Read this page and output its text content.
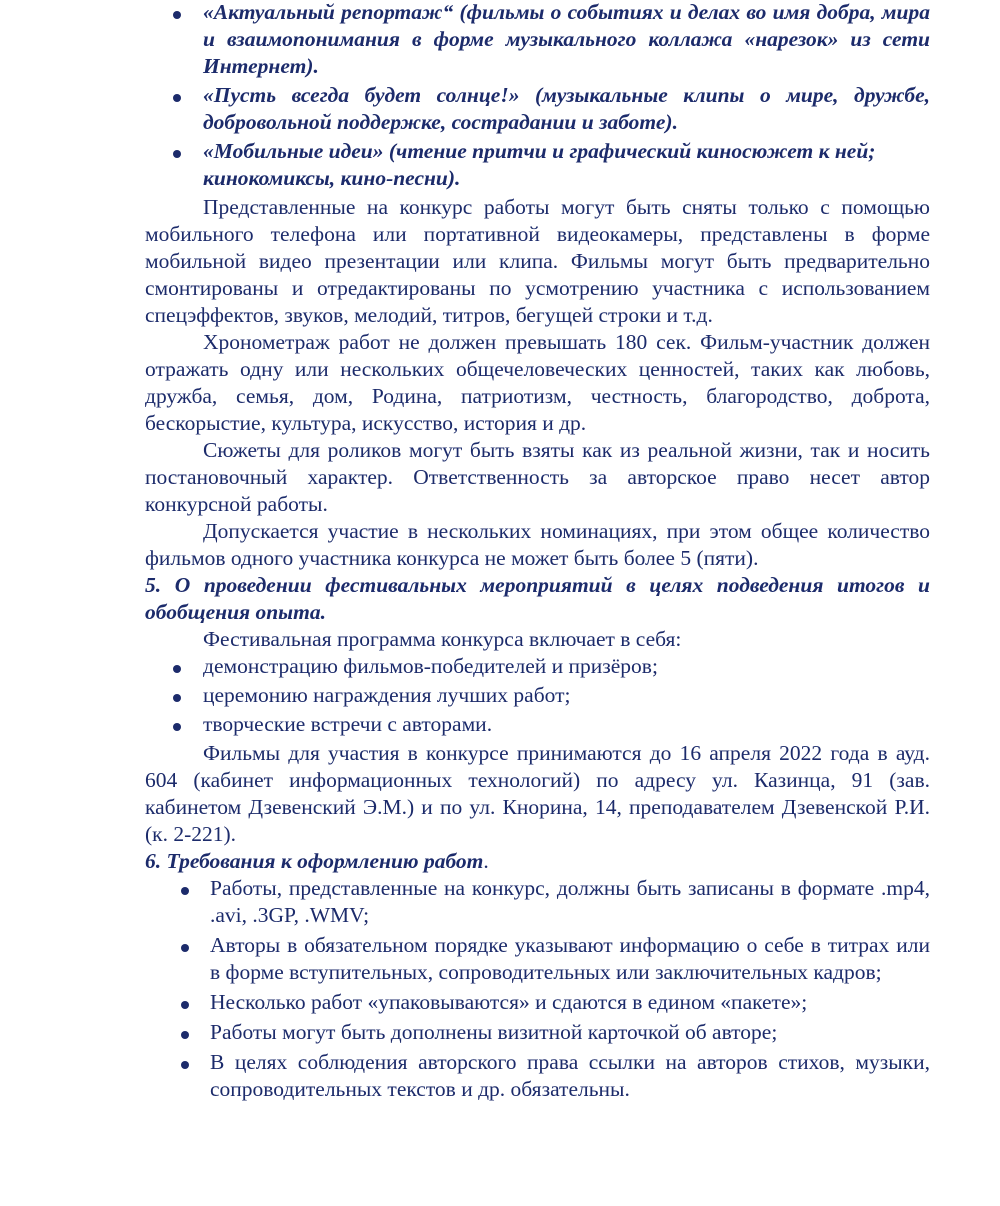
«Актуальный репортаж“ (фильмы о событиях и делах во имя добра, мира и взаимопонимания в форме музыкального коллажа «нарезок» из сети Интернет).
«Пусть всегда будет солнце!» (музыкальные клипы о мире, дружбе, добровольной поддержке, сострадании и заботе).
«Мобильные идеи» (чтение притчи и графический киносюжет к ней; кинокомиксы, кино-песни).

Представленные на конкурс работы могут быть сняты только с помощью мобильного телефона или портативной видеокамеры, представлены в форме мобильной видео презентации или клипа. Фильмы могут быть предварительно смонтированы и отредактированы по усмотрению участника с использованием спецэффектов, звуков, мелодий, титров, бегущей строки и т.д.

Хронометраж работ не должен превышать 180 сек. Фильм-участник должен отражать одну или нескольких общечеловеческих ценностей, таких как любовь, дружба, семья, дом, Родина, патриотизм, честность, благородство, доброта, бескорыстие, культура, искусство, история и др.

Сюжеты для роликов могут быть взяты как из реальной жизни, так и носить постановочный характер. Ответственность за авторское право несет автор конкурсной работы.

Допускается участие в нескольких номинациях, при этом общее количество фильмов одного участника конкурса не может быть более 5 (пяти).

5. О проведении фестивальных мероприятий в целях подведения итогов и обобщения опыта.

Фестивальная программа конкурса включает в себя:

демонстрацию фильмов-победителей и призёров;
церемонию награждения лучших работ;
творческие встречи с авторами.

Фильмы для участия в конкурсе принимаются до 16 апреля 2022 года в ауд. 604 (кабинет информационных технологий) по адресу ул. Казинца, 91 (зав. кабинетом Дзевенский Э.М.) и по ул. Кнорина, 14, преподавателем Дзевенской Р.И. (к. 2-221).

6. Требования к оформлению работ.

Работы, представленные на конкурс, должны быть записаны в формате .mp4, .avi, .3GP, .WMV;
Авторы в обязательном порядке указывают информацию о себе в титрах или в форме вступительных, сопроводительных или заключительных кадров;
Несколько работ «упаковываются» и сдаются в едином «пакете»;
Работы могут быть дополнены визитной карточкой об авторе;
В целях соблюдения авторского права ссылки на авторов стихов, музыки, сопроводительных текстов и др. обязательны.
